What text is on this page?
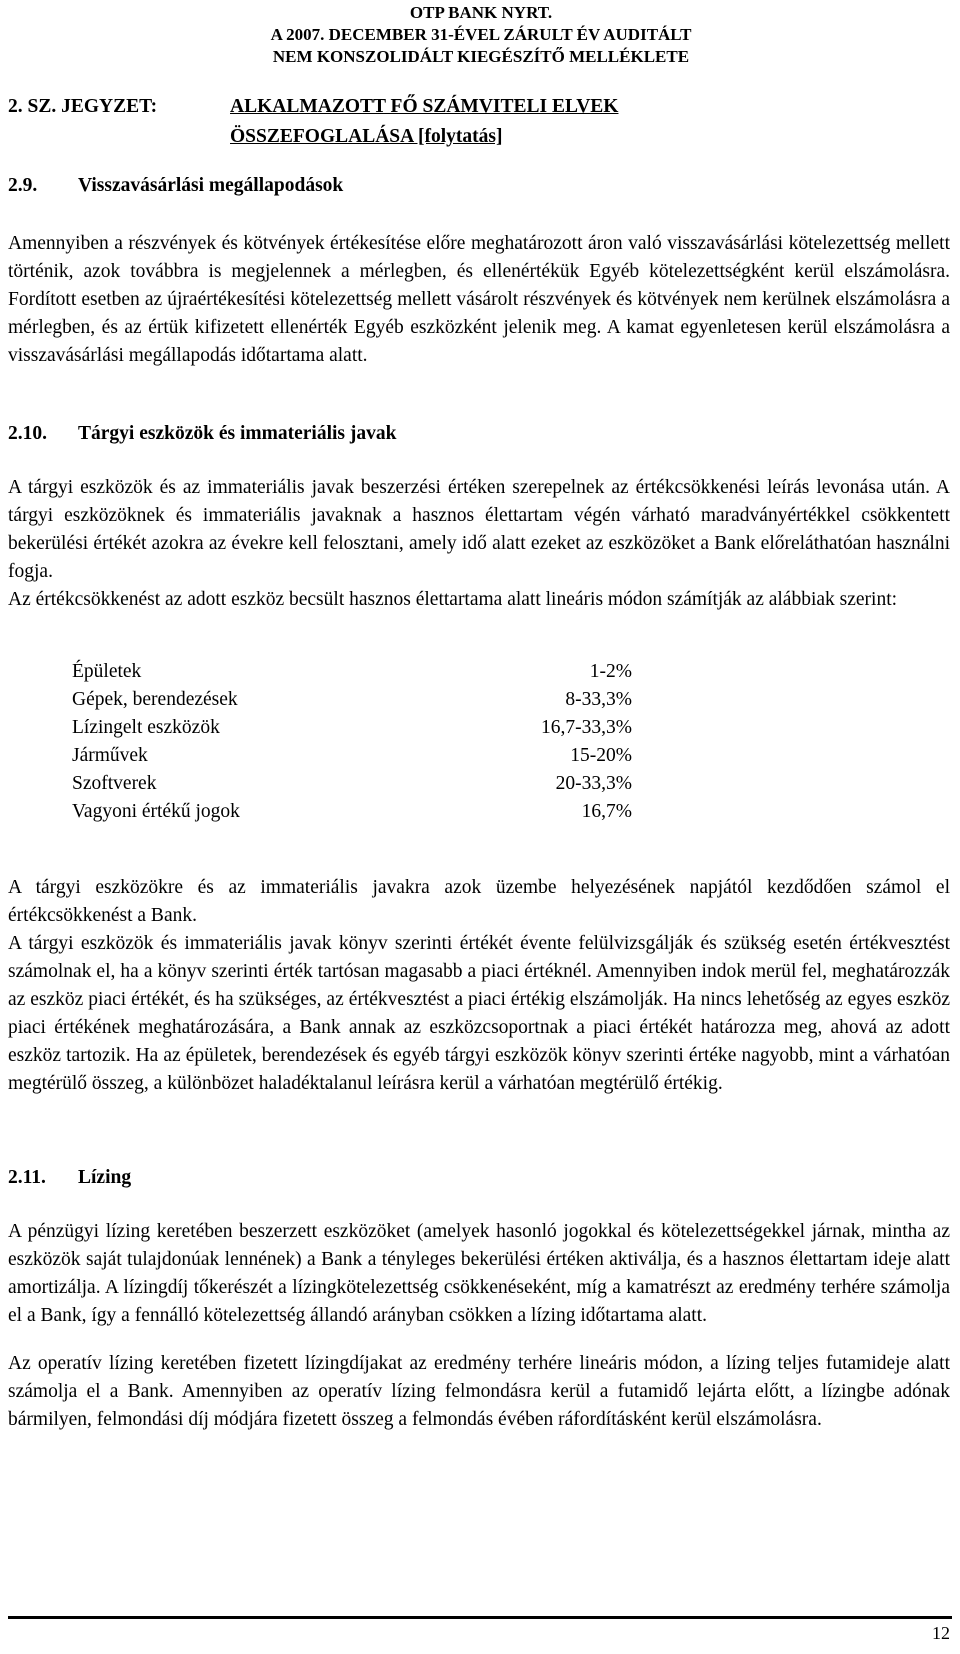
OTP BANK NYRT.
A 2007. DECEMBER 31-ÉVEL ZÁRULT ÉV AUDITÁLT
NEM KONSZOLIDÁLT KIEGÉSZÍTŐ MELLÉKLETE
2. SZ. JEGYZET:	ALKALMAZOTT FŐ SZÁMVITELI ELVEK
ÖSSZEFOGLALÁSA [folytatás]
2.9. Visszavásárlási megállapodások

Amennyiben a részvények és kötvények értékesítése előre meghatározott áron való visszavásárlási kötelezettség mellett történik, azok továbbra is megjelennek a mérlegben, és ellenértékük Egyéb kötelezettségként kerül elszámolásra. Fordított esetben az újraértékesítési kötelezettség mellett vásárolt részvények és kötvények nem kerülnek elszámolásra a mérlegben, és az értük kifizetett ellenérték Egyéb eszközként jelenik meg. A kamat egyenletesen kerül elszámolásra a visszavásárlási megállapodás időtartama alatt.

2.10. Tárgyi eszközök és immateriális javak

A tárgyi eszközök és az immateriális javak beszerzési értéken szerepelnek az értékcsökkenési leírás levonása után. A tárgyi eszközöknek és immateriális javaknak a hasznos élettartam végén várható maradványértékkel csökkentett bekerülési értékét azokra az évekre kell felosztani, amely idő alatt ezeket az eszközöket a Bank előreláthatóan használni fogja.

Az értékcsökkenést az adott eszköz becsült hasznos élettartama alatt lineáris módon számítják az alábbiak szerint:

Épületek	1-2%
Gépek, berendezések	8-33,3%
Lízingelt eszközök	16,7-33,3%
Járművek	15-20%
Szoftverek	20-33,3%
Vagyoni értékű jogok	16,7%

A tárgyi eszközökre és az immateriális javakra azok üzembe helyezésének napjától kezdődően számol el értékcsökkenést a Bank.

A tárgyi eszközök és immateriális javak könyv szerinti értékét évente felülvizsgálják és szükség esetén értékvesztést számolnak el, ha a könyv szerinti érték tartósan magasabb a piaci értéknél. Amennyiben indok merül fel, meghatározzák az eszköz piaci értékét, és ha szükséges, az értékvesztést a piaci értékig elszámolják. Ha nincs lehetőség az egyes eszköz piaci értékének meghatározására, a Bank annak az eszközcsoportnak a piaci értékét határozza meg, ahová az adott eszköz tartozik. Ha az épületek, berendezések és egyéb tárgyi eszközök könyv szerinti értéke nagyobb, mint a várhatóan megtérülő összeg, a különbözet haladéktalanul leírásra kerül a várhatóan megtérülő értékig.

2.11. Lízing

A pénzügyi lízing keretében beszerzett eszközöket (amelyek hasonló jogokkal és kötelezettségekkel járnak, mintha az eszközök saját tulajdonúak lennének) a Bank a tényleges bekerülési értéken aktiválja, és a hasznos élettartam ideje alatt amortizálja. A lízingdíj tőkerészét a lízingkötelezettség csökkenéseként, míg a kamatrészt az eredmény terhére számolja el a Bank, így a fennálló kötelezettség állandó arányban csökken a lízing időtartama alatt.

Az operatív lízing keretében fizetett lízingdíjakat az eredmény terhére lineáris módon, a lízing teljes futamideje alatt számolja el a Bank. Amennyiben az operatív lízing felmondásra kerül a futamidő lejárta előtt, a lízingbe adónak bármilyen, felmondási díj módjára fizetett összeg a felmondás évében ráfordításként kerül elszámolásra.

12
